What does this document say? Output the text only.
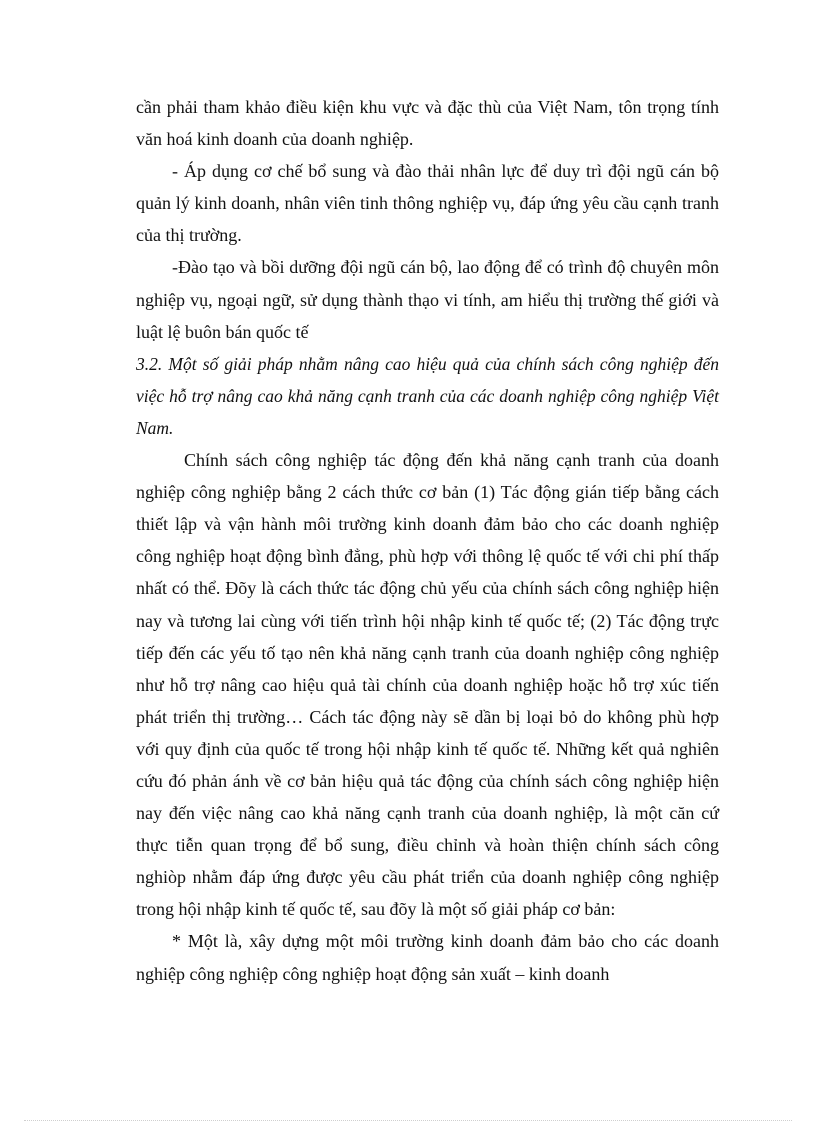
cần phải tham khảo điều kiện khu vực và đặc thù của Việt Nam, tôn trọng tính văn hoá kinh doanh của doanh nghiệp.

- Áp dụng cơ chế bổ sung và đào thải nhân lực để duy trì đội ngũ cán bộ quản lý kinh doanh, nhân viên tinh thông nghiệp vụ, đáp ứng yêu cầu cạnh tranh của thị trường.

-Đào tạo và bồi dưỡng đội ngũ cán bộ, lao động để có trình độ chuyên môn nghiệp vụ, ngoại ngữ, sử dụng thành thạo vi tính, am hiểu thị trường thế giới và luật lệ buôn bán quốc tế

3.2. Một số giải pháp nhằm nâng cao hiệu quả của chính sách công nghiệp đến việc hỗ trợ nâng cao khả năng cạnh tranh của các doanh nghiệp công nghiệp Việt Nam.

Chính sách công nghiệp tác động đến khả năng cạnh tranh của doanh nghiệp công nghiệp bằng 2 cách thức cơ bản (1) Tác động gián tiếp bằng cách thiết lập và vận hành môi trường kinh doanh đảm bảo cho các doanh nghiệp công nghiệp hoạt động bình đẳng, phù hợp với thông lệ quốc tế với chi phí thấp nhất có thể. Đõy là cách thức tác động chủ yếu của chính sách công nghiệp hiện nay và tương lai cùng với tiến trình hội nhập kinh tế quốc tế; (2) Tác động trực tiếp đến các yếu tố tạo nên khả năng cạnh tranh của doanh nghiệp công nghiệp như hỗ trợ nâng cao hiệu quả tài chính của doanh nghiệp hoặc hỗ trợ xúc tiến phát triển thị trường… Cách tác động này sẽ dần bị loại bỏ do không phù hợp với quy định của quốc tế trong hội nhập kinh tế quốc tế. Những kết quả nghiên cứu đó phản ánh về cơ bản hiệu quả tác động của chính sách công nghiệp hiện nay đến việc nâng cao khả năng cạnh tranh của doanh nghiệp, là một căn cứ thực tiễn quan trọng để bổ sung, điều chỉnh và hoàn thiện chính sách công nghiòp nhằm đáp ứng được yêu cầu phát triển của doanh nghiệp công nghiệp trong hội nhập kinh tế quốc tế, sau đõy là một số giải pháp cơ bản:

* Một là, xây dựng một môi trường kinh doanh đảm bảo cho các doanh nghiệp công nghiệp công nghiệp hoạt động sản xuất – kinh doanh
